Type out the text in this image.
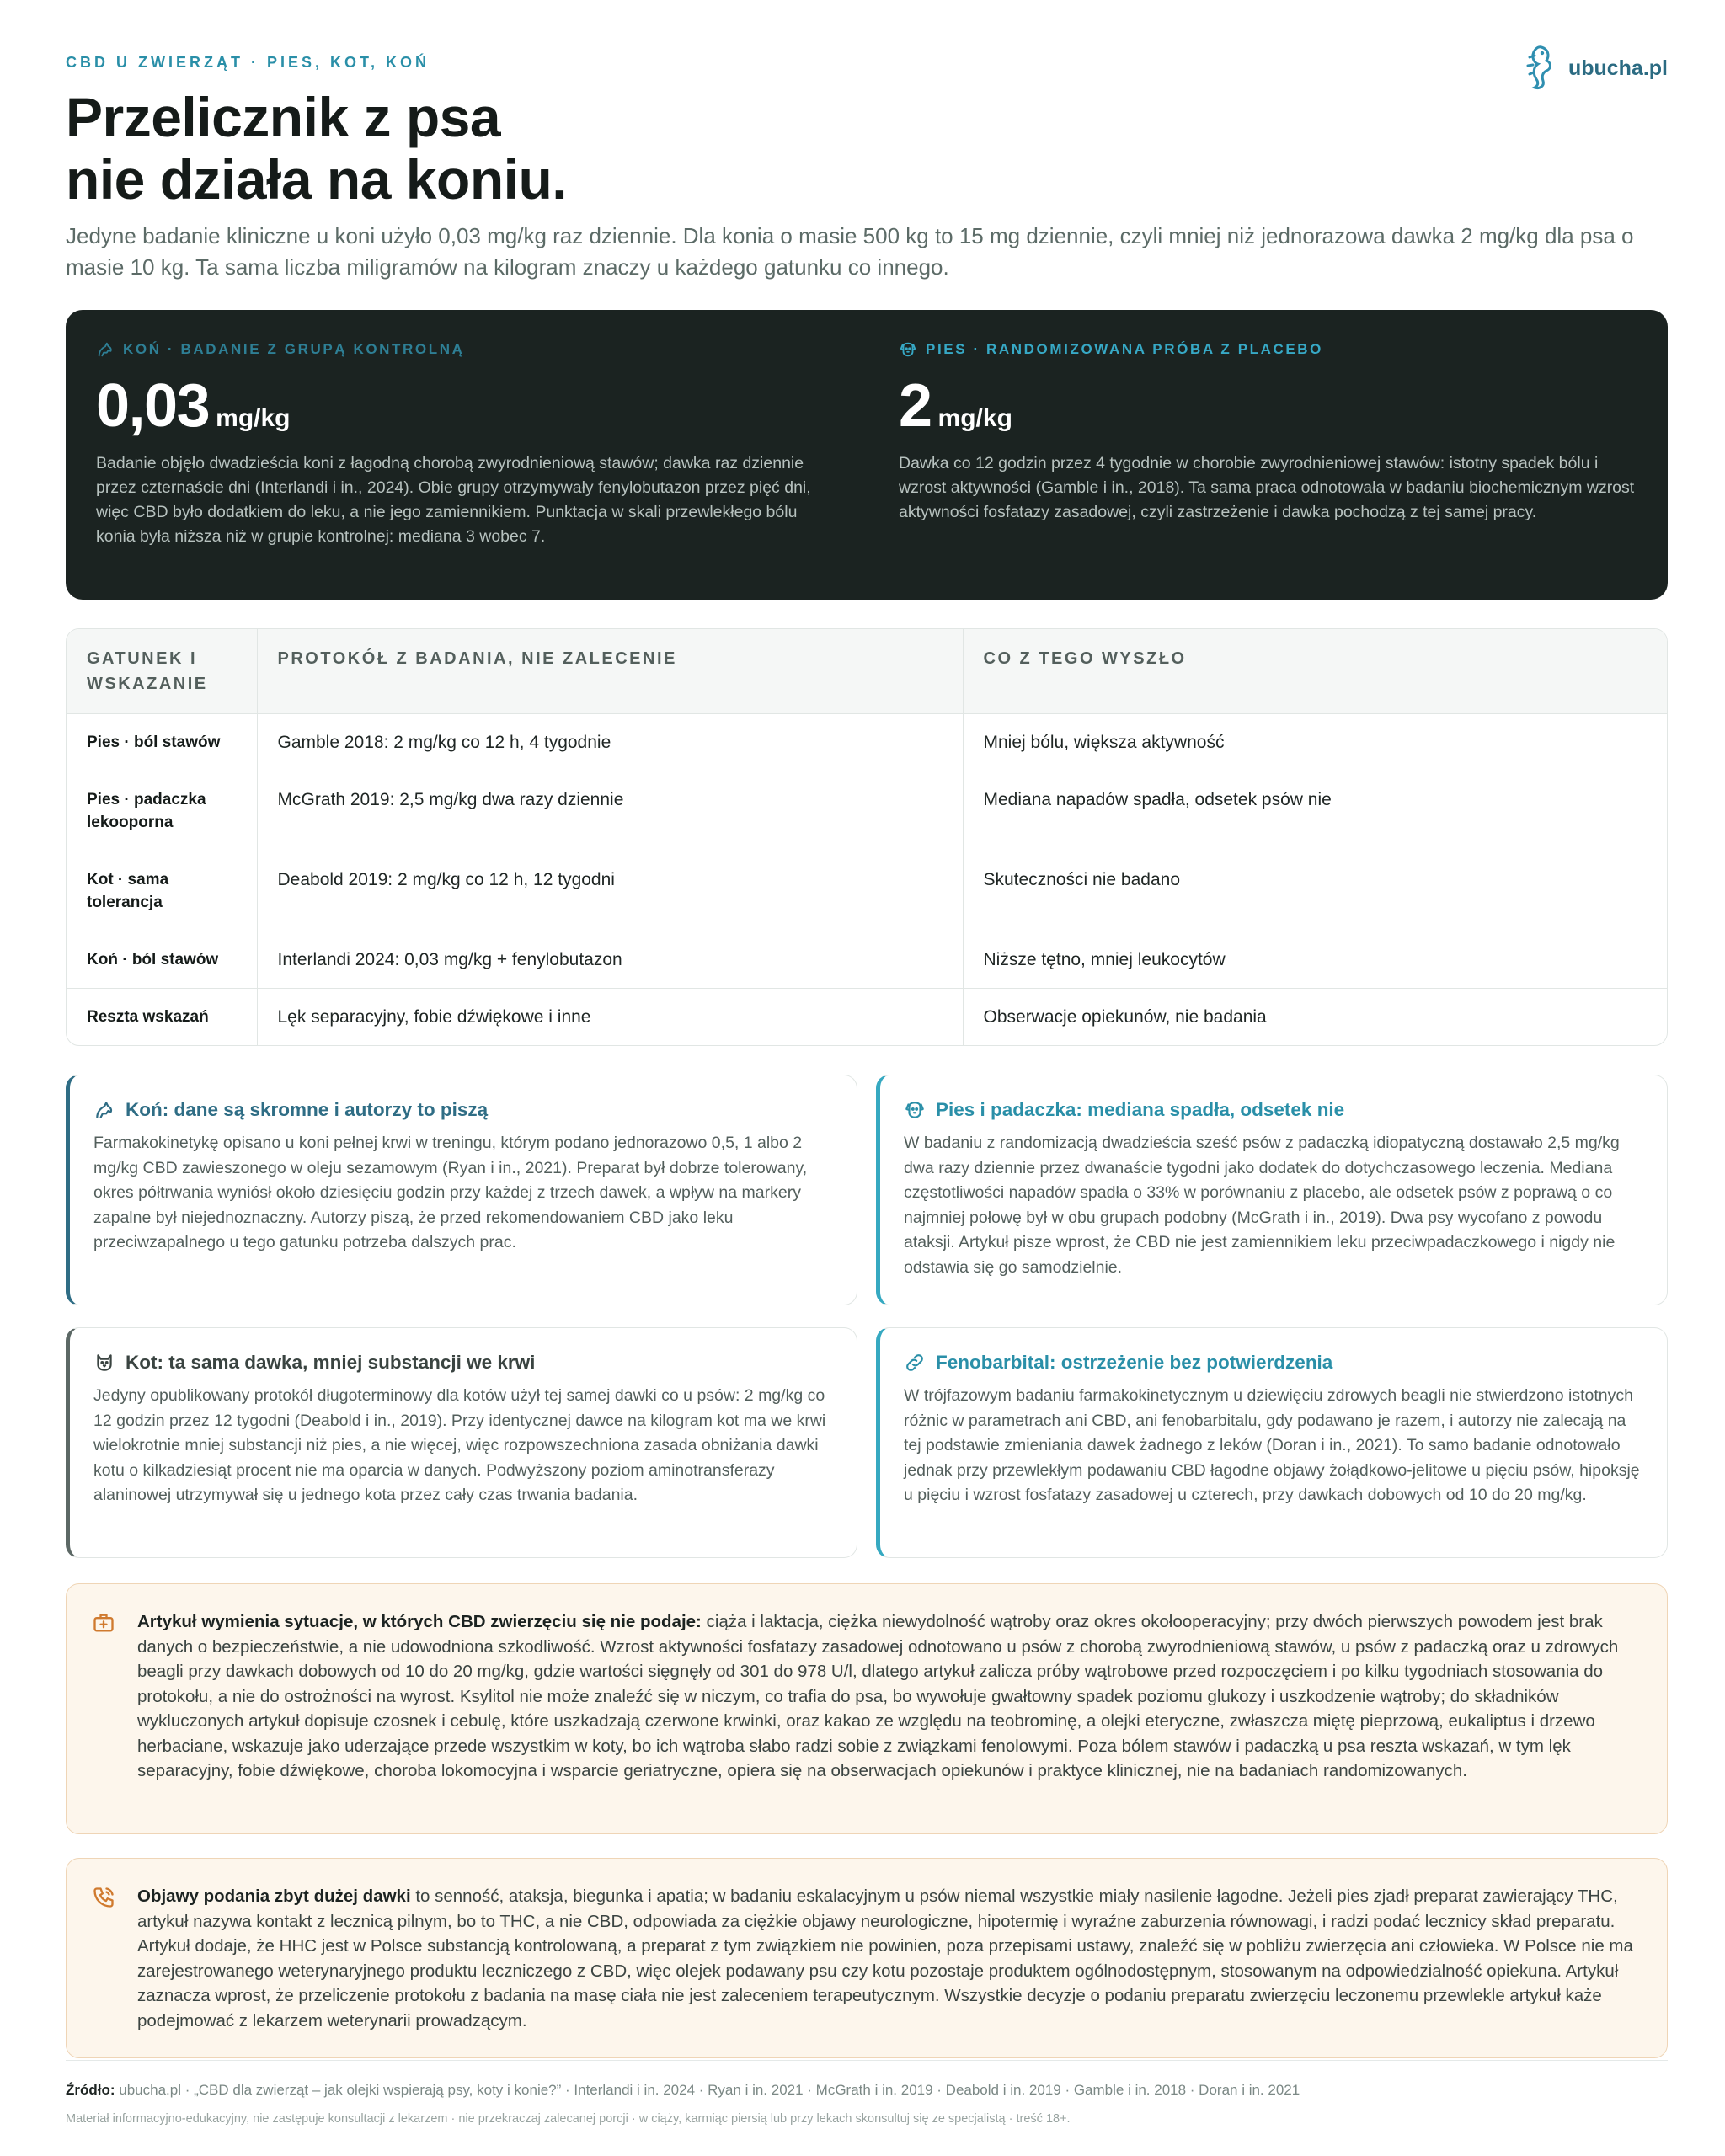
CBD U ZWIERZĄT · PIES, KOT, KOŃ	ubucha.pl
Przelicznik z psa
nie działa na koniu.

Jedyne badanie kliniczne u koni użyło 0,03 mg/kg raz dziennie. Dla konia o masie 500 kg to 15 mg dziennie, czyli mniej niż jednorazowa dawka 2 mg/kg dla psa o masie 10 kg. Ta sama liczba miligramów na kilogram znaczy u każdego gatunku co innego.

KOŃ · BADANIE Z GRUPĄ KONTROLNĄ
0,03 mg/kg

Badanie objęło dwadzieścia koni z łagodną chorobą zwyrodnieniową stawów; dawka raz dziennie przez czternaście dni (Interlandi i in., 2024). Obie grupy otrzymywały fenylobutazon przez pięć dni, więc CBD było dodatkiem do leku, a nie jego zamiennikiem. Punktacja w skali przewlekłego bólu konia była niższa niż w grupie kontrolnej: mediana 3 wobec 7.

PIES · RANDOMIZOWANA PRÓBA Z PLACEBO
2 mg/kg

Dawka co 12 godzin przez 4 tygodnie w chorobie zwyrodnieniowej stawów: istotny spadek bólu i wzrost aktywności (Gamble i in., 2018). Ta sama praca odnotowała w badaniu biochemicznym wzrost aktywności fosfatazy zasadowej, czyli zastrzeżenie i dawka pochodzą z tej samej pracy.

GATUNEK I WSKAZANIE	PROTOKÓŁ Z BADANIA, NIE ZALECENIE	CO Z TEGO WYSZŁO
Pies · ból stawów	Gamble 2018: 2 mg/kg co 12 h, 4 tygodnie	Mniej bólu, większa aktywność
Pies · padaczka lekooporna	McGrath 2019: 2,5 mg/kg dwa razy dziennie	Mediana napadów spadła, odsetek psów nie
Kot · sama tolerancja	Deabold 2019: 2 mg/kg co 12 h, 12 tygodni	Skuteczności nie badano
Koń · ból stawów	Interlandi 2024: 0,03 mg/kg + fenylobutazon	Niższe tętno, mniej leukocytów
Reszta wskazań	Lęk separacyjny, fobie dźwiękowe i inne	Obserwacje opiekunów, nie badania
Koń: dane są skromne i autorzy to piszą

Farmakokinetykę opisano u koni pełnej krwi w treningu, którym podano jednorazowo 0,5, 1 albo 2 mg/kg CBD zawieszonego w oleju sezamowym (Ryan i in., 2021). Preparat był dobrze tolerowany, okres półtrwania wyniósł około dziesięciu godzin przy każdej z trzech dawek, a wpływ na markery zapalne był niejednoznaczny. Autorzy piszą, że przed rekomendowaniem CBD jako leku przeciwzapalnego u tego gatunku potrzeba dalszych prac.

Pies i padaczka: mediana spadła, odsetek nie

W badaniu z randomizacją dwadzieścia sześć psów z padaczką idiopatyczną dostawało 2,5 mg/kg dwa razy dziennie przez dwanaście tygodni jako dodatek do dotychczasowego leczenia. Mediana częstotliwości napadów spadła o 33% w porównaniu z placebo, ale odsetek psów z poprawą o co najmniej połowę był w obu grupach podobny (McGrath i in., 2019). Dwa psy wycofano z powodu ataksji. Artykuł pisze wprost, że CBD nie jest zamiennikiem leku przeciwpadaczkowego i nigdy nie odstawia się go samodzielnie.

Kot: ta sama dawka, mniej substancji we krwi

Jedyny opublikowany protokół długoterminowy dla kotów użył tej samej dawki co u psów: 2 mg/kg co 12 godzin przez 12 tygodni (Deabold i in., 2019). Przy identycznej dawce na kilogram kot ma we krwi wielokrotnie mniej substancji niż pies, a nie więcej, więc rozpowszechniona zasada obniżania dawki kotu o kilkadziesiąt procent nie ma oparcia w danych. Podwyższony poziom aminotransferazy alaninowej utrzymywał się u jednego kota przez cały czas trwania badania.

Fenobarbital: ostrzeżenie bez potwierdzenia

W trójfazowym badaniu farmakokinetycznym u dziewięciu zdrowych beagli nie stwierdzono istotnych różnic w parametrach ani CBD, ani fenobarbitalu, gdy podawano je razem, i autorzy nie zalecają na tej podstawie zmieniania dawek żadnego z leków (Doran i in., 2021). To samo badanie odnotowało jednak przy przewlekłym podawaniu CBD łagodne objawy żołądkowo-jelitowe u pięciu psów, hipoksję u pięciu i wzrost fosfatazy zasadowej u czterech, przy dawkach dobowych od 10 do 20 mg/kg.

Artykuł wymienia sytuacje, w których CBD zwierzęciu się nie podaje: ciąża i laktacja, ciężka niewydolność wątroby oraz okres okołooperacyjny; przy dwóch pierwszych powodem jest brak danych o bezpieczeństwie, a nie udowodniona szkodliwość. Wzrost aktywności fosfatazy zasadowej odnotowano u psów z chorobą zwyrodnieniową stawów, u psów z padaczką oraz u zdrowych beagli przy dawkach dobowych od 10 do 20 mg/kg, gdzie wartości sięgnęły od 301 do 978 U/l, dlatego artykuł zalicza próby wątrobowe przed rozpoczęciem i po kilku tygodniach stosowania do protokołu, a nie do ostrożności na wyrost. Ksylitol nie może znaleźć się w niczym, co trafia do psa, bo wywołuje gwałtowny spadek poziomu glukozy i uszkodzenie wątroby; do składników wykluczonych artykuł dopisuje czosnek i cebulę, które uszkadzają czerwone krwinki, oraz kakao ze względu na teobrominę, a olejki eteryczne, zwłaszcza miętę pieprzową, eukaliptus i drzewo herbaciane, wskazuje jako uderzające przede wszystkim w koty, bo ich wątroba słabo radzi sobie z związkami fenolowymi. Poza bólem stawów i padaczką u psa reszta wskazań, w tym lęk separacyjny, fobie dźwiękowe, choroba lokomocyjna i wsparcie geriatryczne, opiera się na obserwacjach opiekunów i praktyce klinicznej, nie na badaniach randomizowanych.

Objawy podania zbyt dużej dawki to senność, ataksja, biegunka i apatia; w badaniu eskalacyjnym u psów niemal wszystkie miały nasilenie łagodne. Jeżeli pies zjadł preparat zawierający THC, artykuł nazywa kontakt z lecznicą pilnym, bo to THC, a nie CBD, odpowiada za ciężkie objawy neurologiczne, hipotermię i wyraźne zaburzenia równowagi, i radzi podać lecznicy skład preparatu. Artykuł dodaje, że HHC jest w Polsce substancją kontrolowaną, a preparat z tym związkiem nie powinien, poza przepisami ustawy, znaleźć się w pobliżu zwierzęcia ani człowieka. W Polsce nie ma zarejestrowanego weterynaryjnego produktu leczniczego z CBD, więc olejek podawany psu czy kotu pozostaje produktem ogólnodostępnym, stosowanym na odpowiedzialność opiekuna. Artykuł zaznacza wprost, że przeliczenie protokołu z badania na masę ciała nie jest zaleceniem terapeutycznym. Wszystkie decyzje o podaniu preparatu zwierzęciu leczonemu przewlekle artykuł każe podejmować z lekarzem weterynarii prowadzącym.

Źródło: ubucha.pl · „CBD dla zwierząt – jak olejki wspierają psy, koty i konie?” · Interlandi i in. 2024 · Ryan i in. 2021 · McGrath i in. 2019 · Deabold i in. 2019 · Gamble i in. 2018 · Doran i in. 2021

Materiał informacyjno-edukacyjny, nie zastępuje konsultacji z lekarzem · nie przekraczaj zalecanej porcji · w ciąży, karmiąc piersią lub przy lekach skonsultuj się ze specjalistą · treść 18+.
